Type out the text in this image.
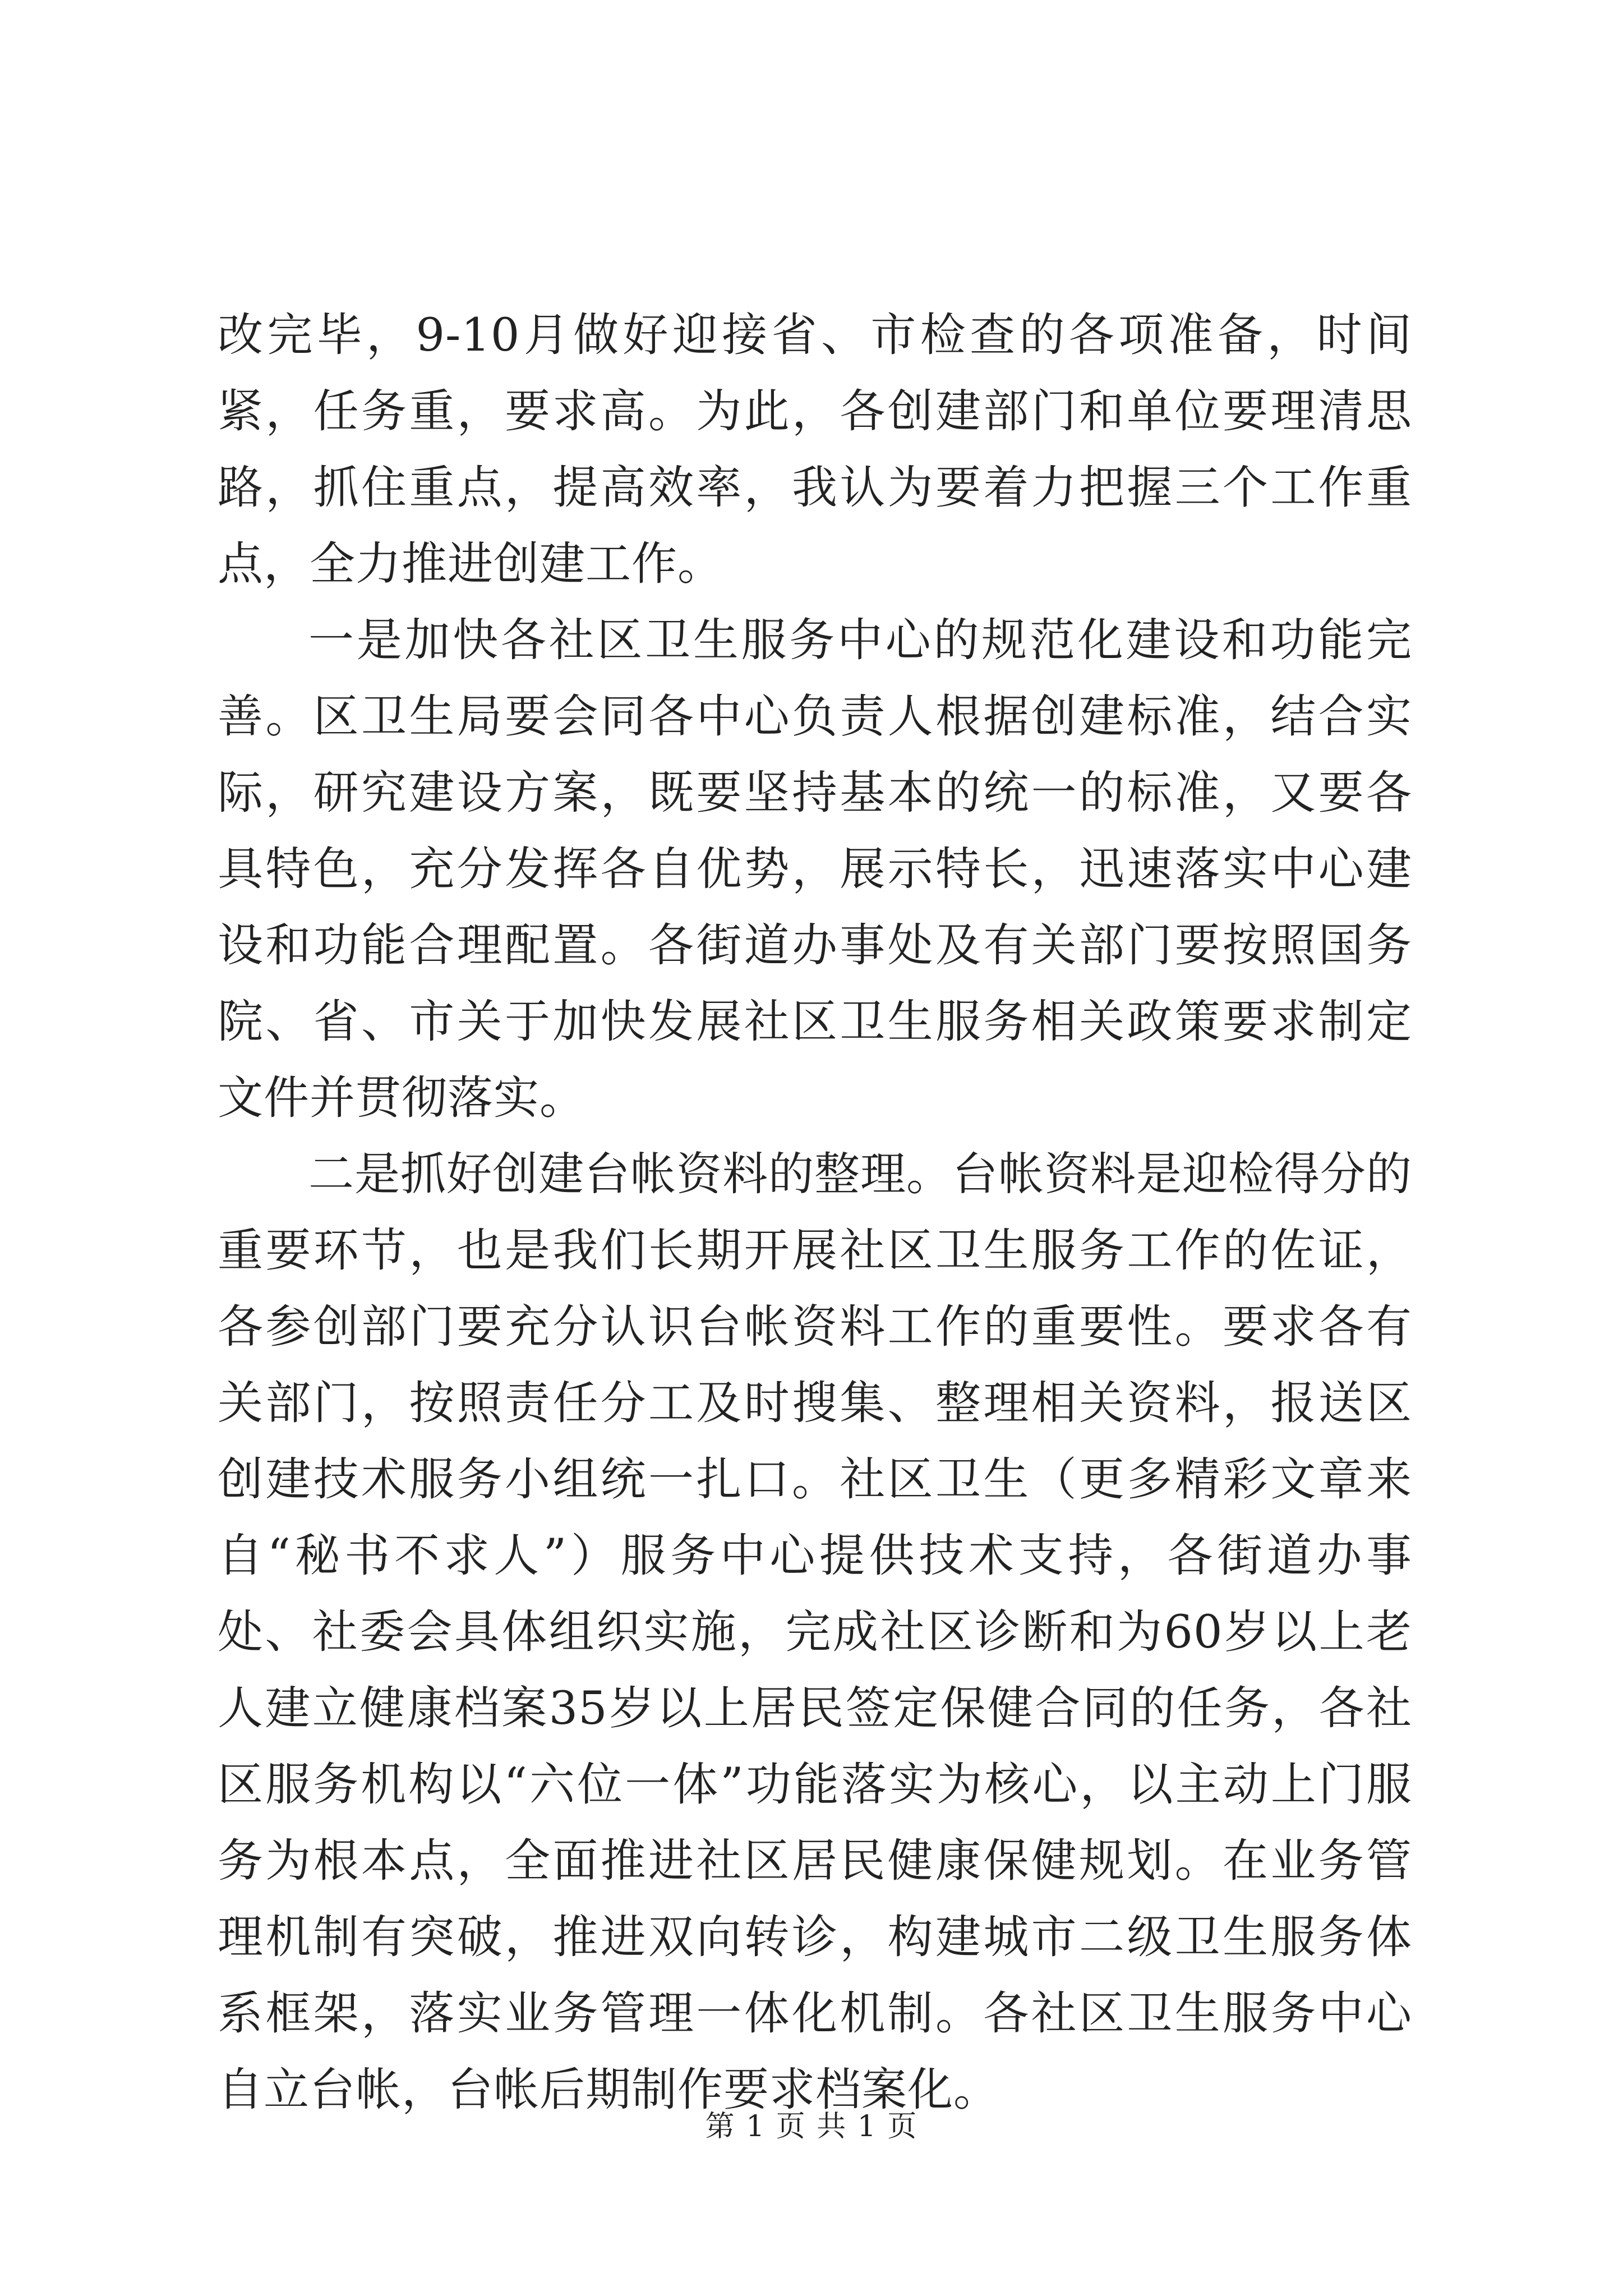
改完毕，9-10月做好迎接省、市检查的各项准备，时间紧，任务重，要求高。为此，各创建部门和单位要理清思路，抓住重点，提高效率，我认为要着力把握三个工作重点，全力推进创建工作。

一是加快各社区卫生服务中心的规范化建设和功能完善。区卫生局要会同各中心负责人根据创建标准，结合实际，研究建设方案，既要坚持基本的统一的标准，又要各具特色，充分发挥各自优势，展示特长，迅速落实中心建设和功能合理配置。各街道办事处及有关部门要按照国务院、省、市关于加快发展社区卫生服务相关政策要求制定文件并贯彻落实。

二是抓好创建台帐资料的整理。台帐资料是迎检得分的重要环节，也是我们长期开展社区卫生服务工作的佐证，各参创部门要充分认识台帐资料工作的重要性。要求各有关部门，按照责任分工及时搜集、整理相关资料，报送区创建技术服务小组统一扎口。社区卫生（更多精彩文章来自“秘书不求人”）服务中心提供技术支持，各街道办事处、社委会具体组织实施，完成社区诊断和为60岁以上老人建立健康档案35岁以上居民签定保健合同的任务，各社区服务机构以“六位一体”功能落实为核心，以主动上门服务为根本点，全面推进社区居民健康保健规划。在业务管理机制有突破，推进双向转诊，构建城市二级卫生服务体系框架，落实业务管理一体化机制。各社区卫生服务中心自立台帐，台帐后期制作要求档案化。

第 1 页 共 1 页
